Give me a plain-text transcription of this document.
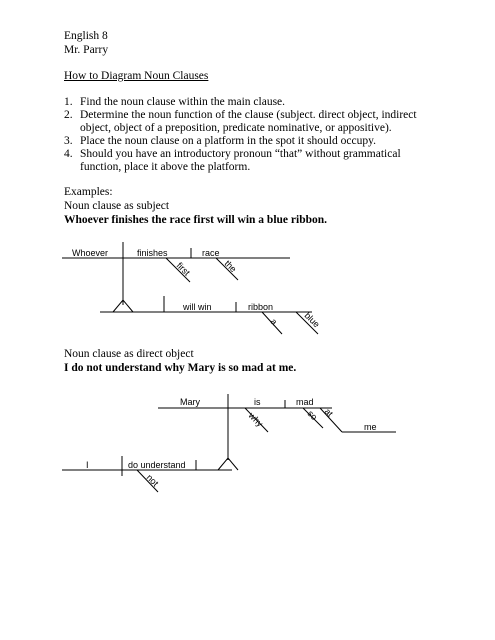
English 8

Mr. Parry

How to Diagram Noun Clauses

1. Find the noun clause within the main clause.
2. Determine the noun function of the clause (subject. direct object, indirect object, object of a preposition, predicate nominative, or appositive).
3. Place the noun clause on a platform in the spot it should occupy.
4. Should you have an introductory pronoun “that” without grammatical function, place it above the platform.

Examples:

Noun clause as subject

Whoever finishes the race first will win a blue ribbon.

Whoever	finishes	race
first	the
will win	ribbon
a	blue

Noun clause as direct object

I do not understand why Mary is so mad at me.

Mary	is	mad
why	so at
me
I	do understand
not
